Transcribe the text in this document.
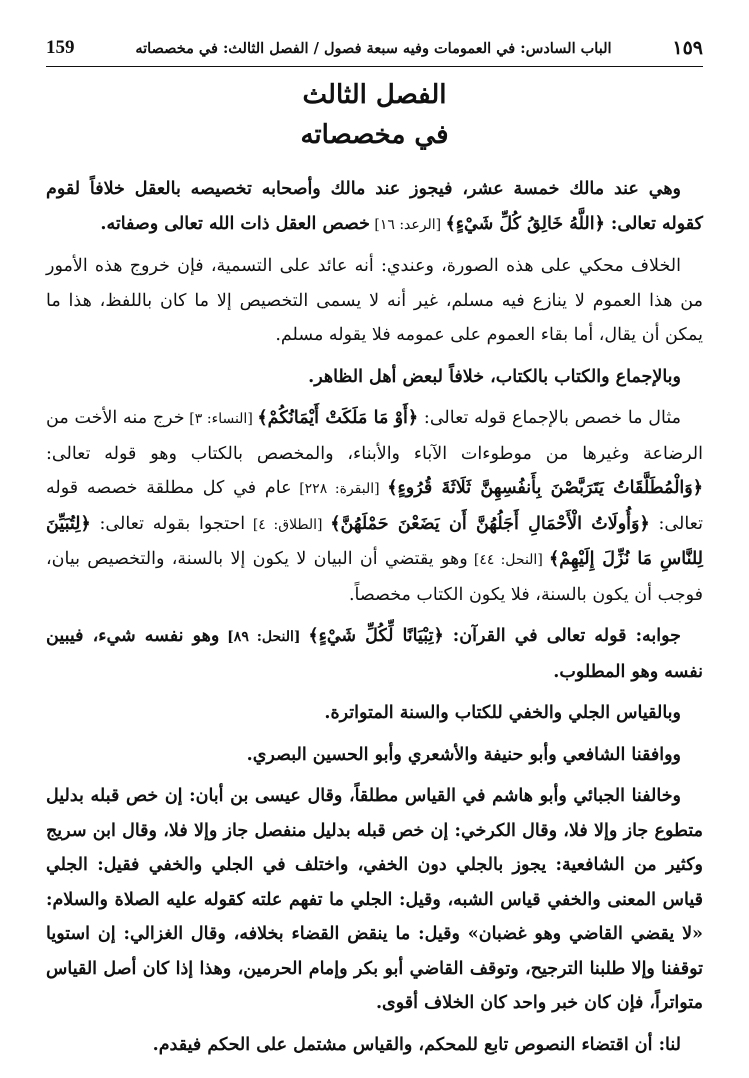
159	الباب السادس: في العمومات وفيه سبعة فصول / الفصل الثالث: في مخصصاته	١٥٩
الفصل الثالث
في مخصصاته

وهي عند مالك خمسة عشر، فيجوز عند مالك وأصحابه تخصيصه بالعقل خلافاً لقوم كقوله تعالى: ﴿اللَّهُ خَالِقُ كُلِّ شَيْءٍ﴾ [الرعد: ١٦] خصص العقل ذات الله تعالى وصفاته.

الخلاف محكي على هذه الصورة، وعندي: أنه عائد على التسمية، فإن خروج هذه الأمور من هذا العموم لا ينازع فيه مسلم، غير أنه لا يسمى التخصيص إلا ما كان باللفظ، هذا ما يمكن أن يقال، أما بقاء العموم على عمومه فلا يقوله مسلم.

وبالإجماع والكتاب بالكتاب، خلافاً لبعض أهل الظاهر.

مثال ما خصص بالإجماع قوله تعالى: ﴿أَوْ مَا مَلَكَتْ أَيْمَانُكُمْ﴾ [النساء: ٣] خرج منه الأخت من الرضاعة وغيرها من موطوءات الآباء والأبناء، والمخصص بالكتاب وهو قوله تعالى: ﴿وَالْمُطَلَّقَاتُ يَتَرَبَّصْنَ بِأَنفُسِهِنَّ ثَلَاثَةَ قُرُوءٍ﴾ [البقرة: ٢٢٨] عام في كل مطلقة خصصه قوله تعالى: ﴿وَأُولَاتُ الْأَحْمَالِ أَجَلُهُنَّ أَن يَضَعْنَ حَمْلَهُنَّ﴾ [الطلاق: ٤] احتجوا بقوله تعالى: ﴿لِتُبَيِّنَ لِلنَّاسِ مَا نُزِّلَ إِلَيْهِمْ﴾ [النحل: ٤٤] وهو يقتضي أن البيان لا يكون إلا بالسنة، والتخصيص بيان، فوجب أن يكون بالسنة، فلا يكون الكتاب مخصصاً.

جوابه: قوله تعالى في القرآن: ﴿تِبْيَانًا لِّكُلِّ شَيْءٍ﴾ [النحل: ٨٩] وهو نفسه شيء، فيبين نفسه وهو المطلوب.

وبالقياس الجلي والخفي للكتاب والسنة المتواترة.

ووافقنا الشافعي وأبو حنيفة والأشعري وأبو الحسين البصري.

وخالفنا الجبائي وأبو هاشم في القياس مطلقاً، وقال عيسى بن أبان: إن خص قبله بدليل متطوع جاز وإلا فلا، وقال الكرخي: إن خص قبله بدليل منفصل جاز وإلا فلا، وقال ابن سريج وكثير من الشافعية: يجوز بالجلي دون الخفي، واختلف في الجلي والخفي فقيل: الجلي قياس المعنى والخفي قياس الشبه، وقيل: الجلي ما تفهم علته كقوله عليه الصلاة والسلام: «لا يقضي القاضي وهو غضبان» وقيل: ما ينقض القضاء بخلافه، وقال الغزالي: إن استويا توقفنا وإلا طلبنا الترجيح، وتوقف القاضي أبو بكر وإمام الحرمين، وهذا إذا كان أصل القياس متواتراً، فإن كان خبر واحد كان الخلاف أقوى.

لنا: أن اقتضاء النصوص تابع للمحكم، والقياس مشتمل على الحكم فيقدم.
